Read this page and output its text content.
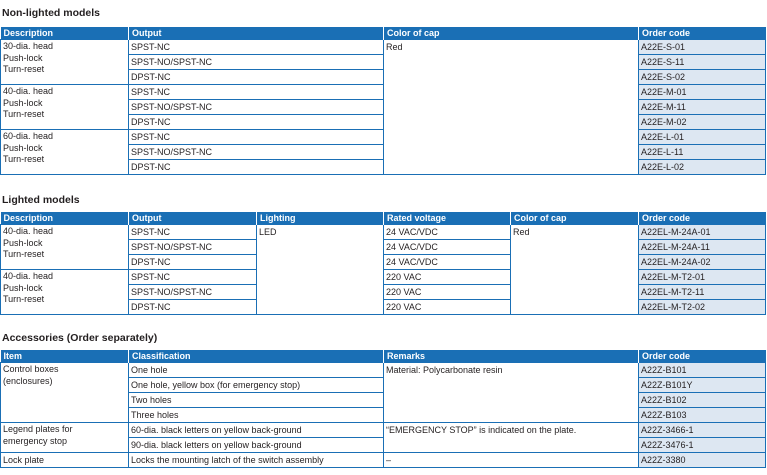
Non-lighted models
Description	Output	Color of cap	Order code

30-dia. head
Push-lock
Turn-reset	SPST-NC	Red	A22E-S-01
	SPST-NO/SPST-NC		A22E-S-11
	DPST-NC		A22E-S-02

40-dia. head
Push-lock
Turn-reset	SPST-NC		A22E-M-01
	SPST-NO/SPST-NC		A22E-M-11
	DPST-NC		A22E-M-02

60-dia. head
Push-lock
Turn-reset	SPST-NC		A22E-L-01
	SPST-NO/SPST-NC		A22E-L-11
	DPST-NC		A22E-L-02
Lighted models
Description	Output	Lighting	Rated voltage	Color of cap	Order code

40-dia. head
Push-lock
Turn-reset	SPST-NC	LED	24 VAC/VDC	Red	A22EL-M-24A-01
	SPST-NO/SPST-NC		24 VAC/VDC		A22EL-M-24A-11
	DPST-NC		24 VAC/VDC		A22EL-M-24A-02

40-dia. head
Push-lock
Turn-reset	SPST-NC		220 VAC		A22EL-M-T2-01
	SPST-NO/SPST-NC		220 VAC		A22EL-M-T2-11
	DPST-NC		220 VAC		A22EL-M-T2-02
Accessories (Order separately)
Item	Classification	Remarks	Order code

Control boxes
(enclosures)	One hole	Material: Polycarbonate resin	A22Z-B101
	One hole, yellow box (for emergency stop)		A22Z-B101Y
	Two holes		A22Z-B102
	Three holes		A22Z-B103

Legend plates for
emergency stop	60-dia. black letters on yellow back-ground	“EMERGENCY STOP” is indicated on the plate.	A22Z-3466-1
	90-dia. black letters on yellow back-ground		A22Z-3476-1
Lock plate	Locks the mounting latch of the switch assembly	–	A22Z-3380
